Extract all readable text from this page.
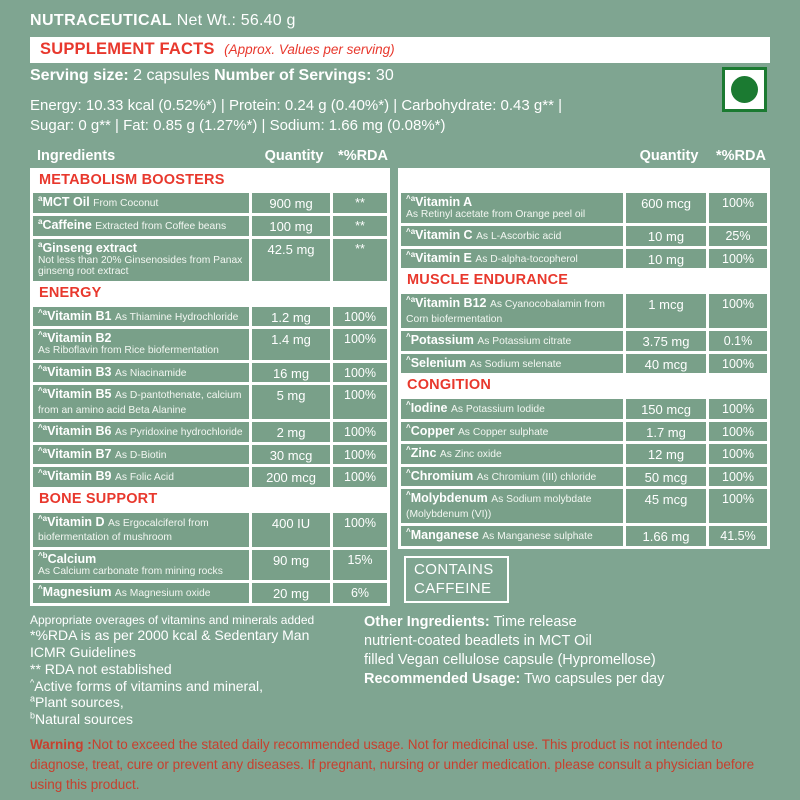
NUTRACEUTICAL Net Wt.: 56.40 g
SUPPLEMENT FACTS (Approx. Values per serving)
Serving size: 2 capsules Number of Servings: 30
Energy: 10.33 kcal (0.52%*) | Protein: 0.24 g (0.40%*) | Carbohydrate: 0.43 g** |
Sugar: 0 g** | Fat: 0.85 g (1.27%*) | Sodium: 1.66 mg (0.08%*)
Ingredients	Quantity	*%RDA	Quantity	*%RDA
METABOLISM BOOSTERS
$^a$MCT Oil From Coconut	900 mg	**
$^a$Caffeine Extracted from Coffee beans	100 mg	**
$^a$Ginseng extract
Not less than 20% Ginsenosides from Panax ginseng root extract
42.5 mg	**
ENERGY
$^{\^{}a}$Vitamin B1 As Thiamine Hydrochloride	1.2 mg	100%
$^{\^{}a}$Vitamin B2
As Riboflavin from Rice biofermentation
1.4 mg	100%
$^{\^{}a}$Vitamin B3 As Niacinamide	16 mg	100%
$^{\^{}a}$Vitamin B5 As D-pantothenate, calcium from an amino acid Beta Alanine
5 mg	100%
$^{\^{}a}$Vitamin B6 As Pyridoxine hydrochloride	2 mg	100%
$^{\^{}a}$Vitamin B7 As D-Biotin	30 mcg	100%
$^{\^{}a}$Vitamin B9 As Folic Acid	200 mcg	100%
BONE SUPPORT
$^{\^{}a}$Vitamin D As Ergocalciferol from biofermentation of mushroom
400 IU	100%
$^{\^{}b}$Calcium
As Calcium carbonate from mining rocks
90 mg	15%
^Magnesium As Magnesium oxide	20 mg	6%
$^{\^{}a}$Vitamin A
As Retinyl acetate from Orange peel oil
600 mcg	100%
$^{\^{}a}$Vitamin C As L-Ascorbic acid	10 mg	25%
$^{\^{}a}$Vitamin E As D-alpha-tocopherol	10 mg	100%
MUSCLE ENDURANCE
$^{\^{}a}$Vitamin B12 As Cyanocobalamin from Corn biofermentation
1 mcg	100%
^Potassium As Potassium citrate	3.75 mg	0.1%
^Selenium As Sodium selenate	40 mcg	100%
CONGITION
^Iodine As Potassium Iodide	150 mcg	100%
^Copper As Copper sulphate	1.7 mg	100%
^Zinc As Zinc oxide	12 mg	100%
^Chromium As Chromium (III) chloride	50 mcg	100%
^Molybdenum As Sodium molybdate (Molybdenum (VI))
45 mcg	100%
^Manganese As Manganese sulphate	1.66 mg	41.5%
CONTAINS CAFFEINE
Appropriate overages of vitamins and minerals added
*%RDA is as per 2000 kcal & Sedentary Man
ICMR Guidelines
** RDA not established
^Active forms of vitamins and mineral,
$^a$Plant sources,
$^b$Natural sources
Other Ingredients: Time release
nutrient-coated beadlets in MCT Oil
filled Vegan cellulose capsule (Hypromellose)
Recommended Usage: Two capsules per day
Warning :Not to exceed the stated daily recommended usage. Not for medicinal use. This product is not intended to diagnose, treat, cure or prevent any diseases. If pregnant, nursing or under medication. please consult a physician before using this product.
